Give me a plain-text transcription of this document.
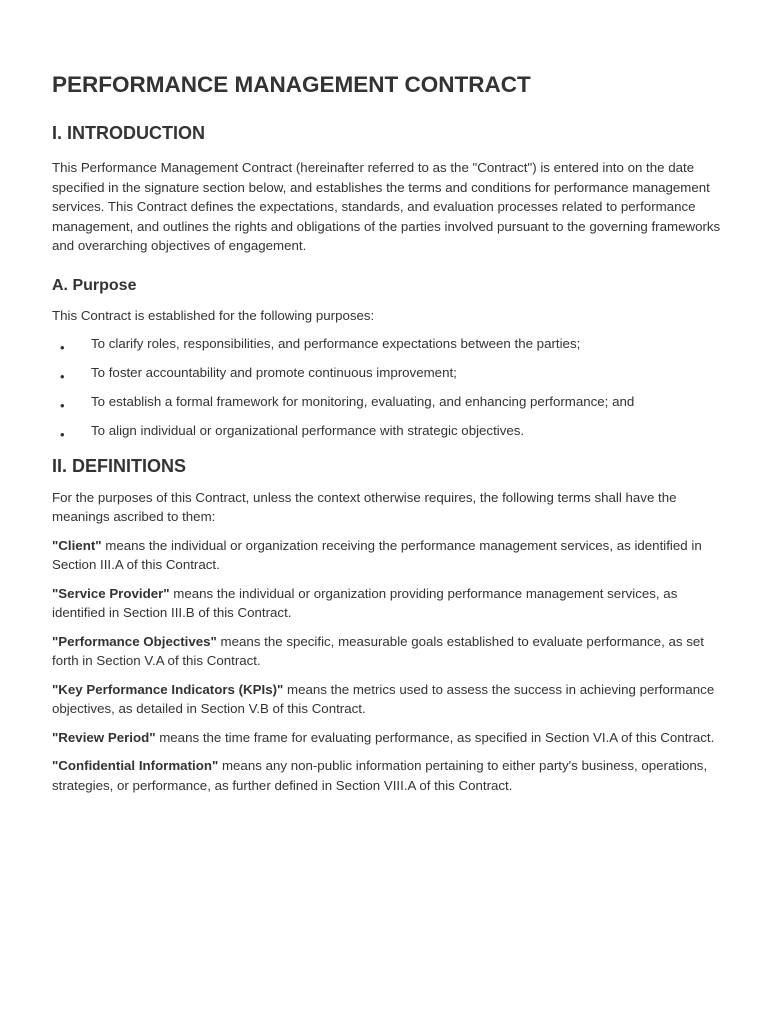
PERFORMANCE MANAGEMENT CONTRACT
I. INTRODUCTION

This Performance Management Contract (hereinafter referred to as the "Contract") is entered into on the date specified in the signature section below, and establishes the terms and conditions for performance management services. This Contract defines the expectations, standards, and evaluation processes related to performance management, and outlines the rights and obligations of the parties involved pursuant to the governing frameworks and overarching objectives of engagement.

A. Purpose

This Contract is established for the following purposes:

• To clarify roles, responsibilities, and performance expectations between the parties;
• To foster accountability and promote continuous improvement;
• To establish a formal framework for monitoring, evaluating, and enhancing performance; and
• To align individual or organizational performance with strategic objectives.
II. DEFINITIONS

For the purposes of this Contract, unless the context otherwise requires, the following terms shall have the meanings ascribed to them:

"Client" means the individual or organization receiving the performance management services, as identified in Section III.A of this Contract.

"Service Provider" means the individual or organization providing performance management services, as identified in Section III.B of this Contract.

"Performance Objectives" means the specific, measurable goals established to evaluate performance, as set forth in Section V.A of this Contract.

"Key Performance Indicators (KPIs)" means the metrics used to assess the success in achieving performance objectives, as detailed in Section V.B of this Contract.

"Review Period" means the time frame for evaluating performance, as specified in Section VI.A of this Contract.

"Confidential Information" means any non-public information pertaining to either party's business, operations, strategies, or performance, as further defined in Section VIII.A of this Contract.
